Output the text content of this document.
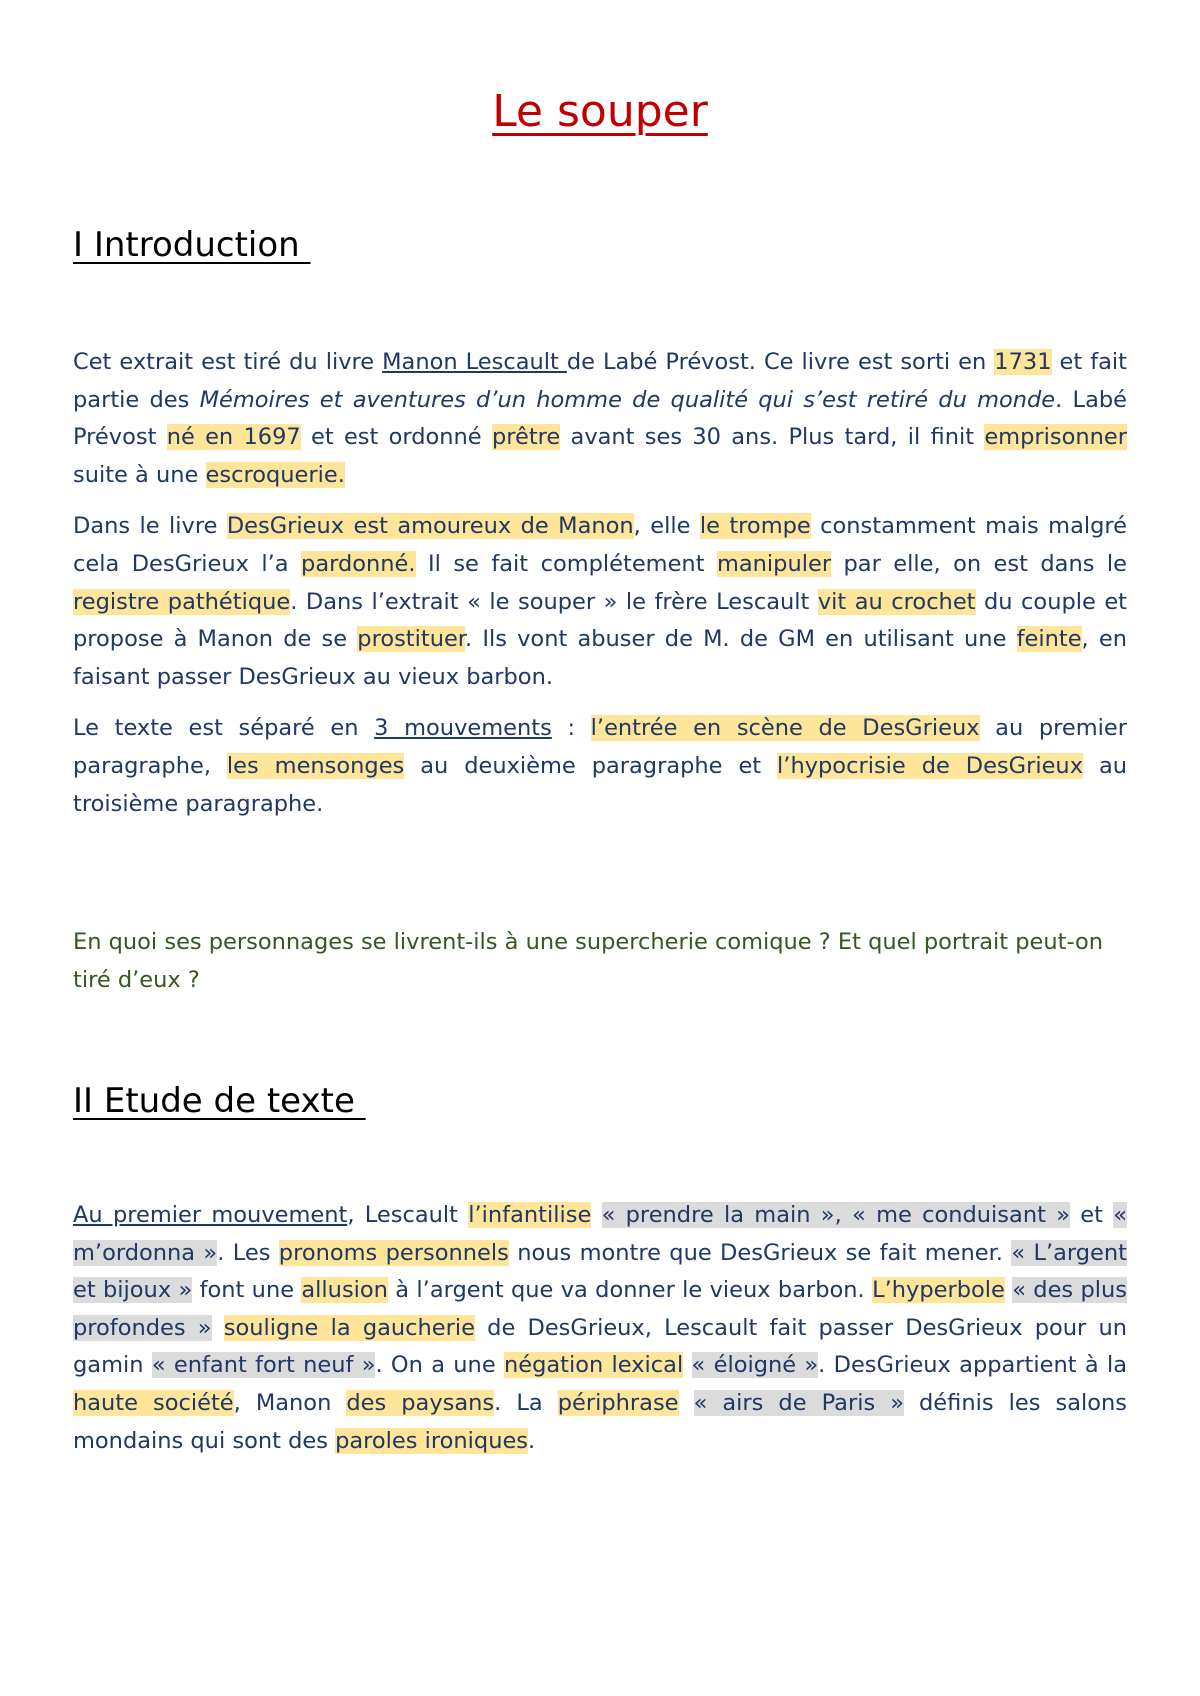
Le souper
I Introduction

Cet extrait est tiré du livre Manon Lescault de Labé Prévost. Ce livre est sorti en 1731 et fait partie des Mémoires et aventures d’un homme de qualité qui s’est retiré du monde. Labé Prévost né en 1697 et est ordonné prêtre avant ses 30 ans. Plus tard, il finit emprisonner suite à une escroquerie.

Dans le livre DesGrieux est amoureux de Manon, elle le trompe constamment mais malgré cela DesGrieux l’a pardonné. Il se fait complétement manipuler par elle, on est dans le registre pathétique. Dans l’extrait « le souper » le frère Lescault vit au crochet du couple et propose à Manon de se prostituer. Ils vont abuser de M. de GM en utilisant une feinte, en faisant passer DesGrieux au vieux barbon.

Le texte est séparé en 3 mouvements : l’entrée en scène de DesGrieux au premier paragraphe, les mensonges au deuxième paragraphe et l’hypocrisie de DesGrieux au troisième paragraphe.

En quoi ses personnages se livrent-ils à une supercherie comique ? Et quel portrait peut-on tiré d’eux ?
II Etude de texte

Au premier mouvement, Lescault l’infantilise « prendre la main », « me conduisant » et « m’ordonna ». Les pronoms personnels nous montre que DesGrieux se fait mener. « L’argent et bijoux » font une allusion à l’argent que va donner le vieux barbon. L’hyperbole « des plus profondes » souligne la gaucherie de DesGrieux, Lescault fait passer DesGrieux pour un gamin « enfant fort neuf ». On a une négation lexical « éloigné ». DesGrieux appartient à la haute société, Manon des paysans. La périphrase « airs de Paris » définis les salons mondains qui sont des paroles ironiques.
